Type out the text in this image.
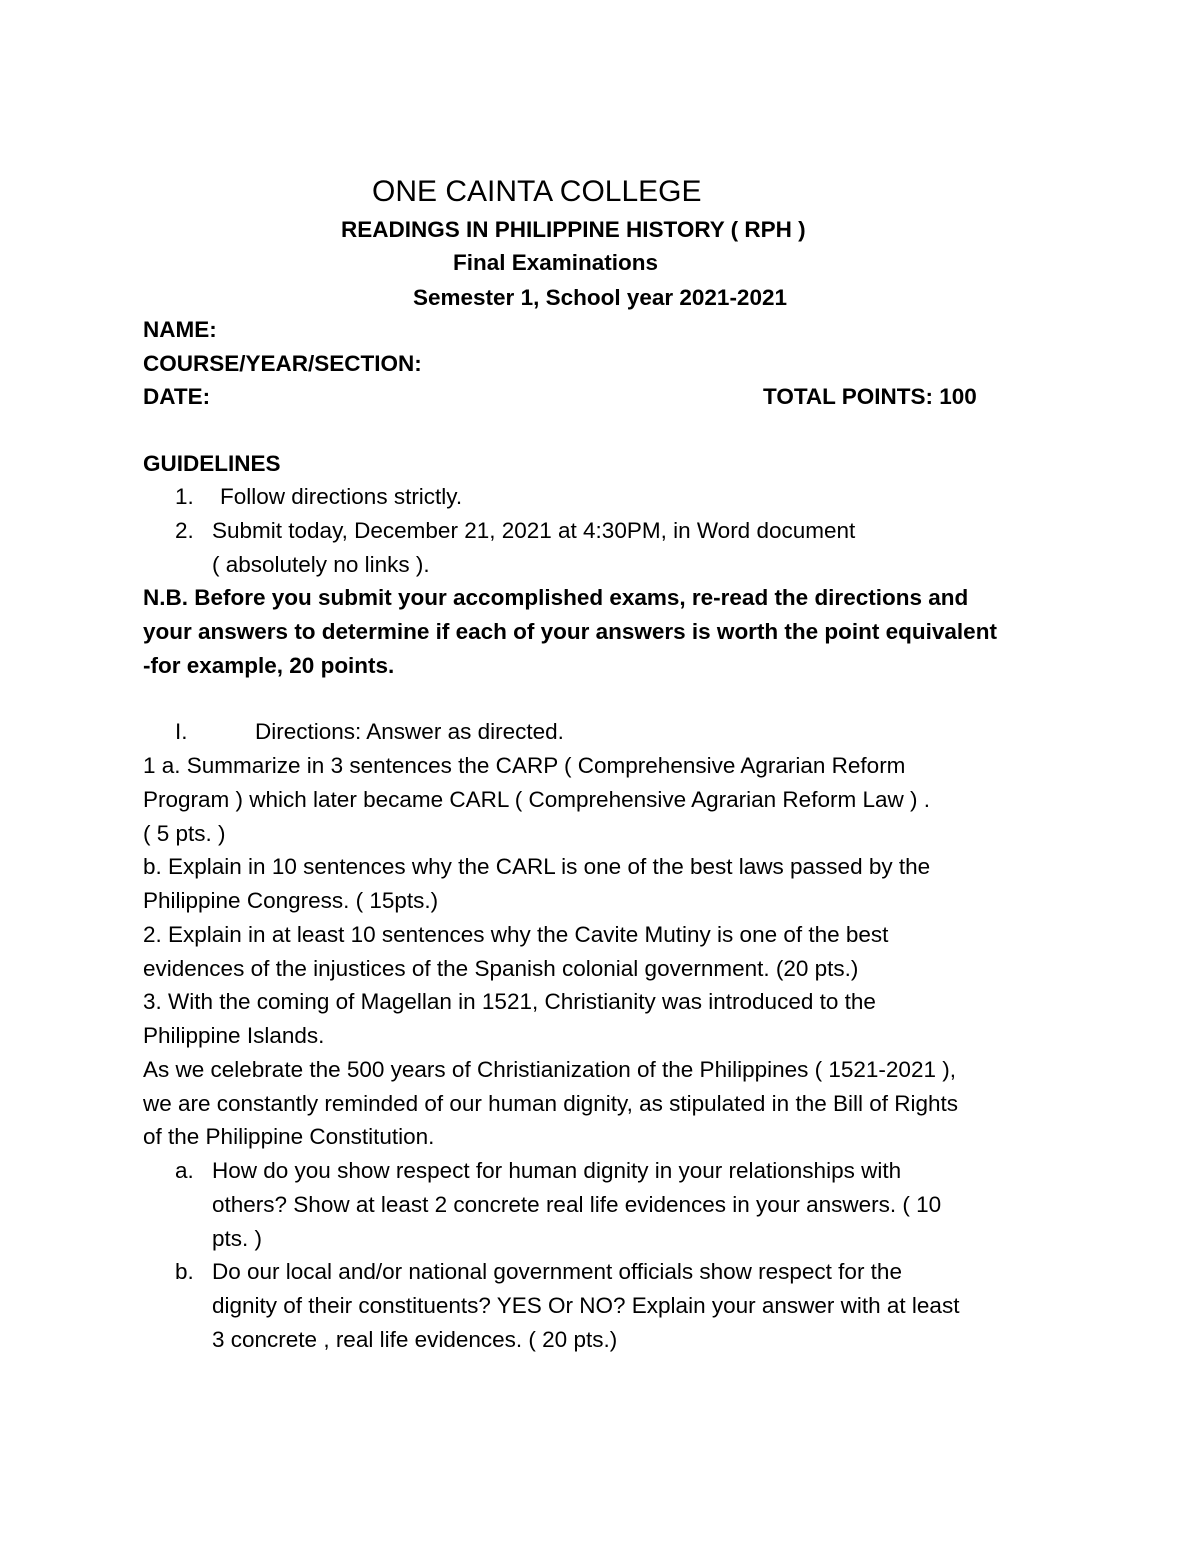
ONE CAINTA COLLEGE
READINGS IN PHILIPPINE HISTORY ( RPH )
Final Examinations
Semester 1, School year 2021-2021
NAME:
COURSE/YEAR/SECTION:
DATE:	TOTAL POINTS: 100
GUIDELINES
1. Follow directions strictly.
2. Submit today, December 21, 2021 at 4:30PM, in Word document
( absolutely no links ).
N.B. Before you submit your accomplished exams, re-read the directions and
your answers to determine if each of your answers is worth the point equivalent
-for example, 20 points.
I.	Directions: Answer as directed.
1 a. Summarize in 3 sentences the CARP ( Comprehensive Agrarian Reform
Program ) which later became CARL ( Comprehensive Agrarian Reform Law ) .
( 5 pts. )
b. Explain in 10 sentences why the CARL is one of the best laws passed by the
Philippine Congress. ( 15pts.)
2. Explain in at least 10 sentences why the Cavite Mutiny is one of the best
evidences of the injustices of the Spanish colonial government. (20 pts.)
3. With the coming of Magellan in 1521, Christianity was introduced to the
Philippine Islands.
As we celebrate the 500 years of Christianization of the Philippines ( 1521-2021 ),
we are constantly reminded of our human dignity, as stipulated in the Bill of Rights
of the Philippine Constitution.
a. How do you show respect for human dignity in your relationships with
others? Show at least 2 concrete real life evidences in your answers. ( 10
pts. )
b. Do our local and/or national government officials show respect for the
dignity of their constituents? YES Or NO? Explain your answer with at least
3 concrete , real life evidences. ( 20 pts.)
